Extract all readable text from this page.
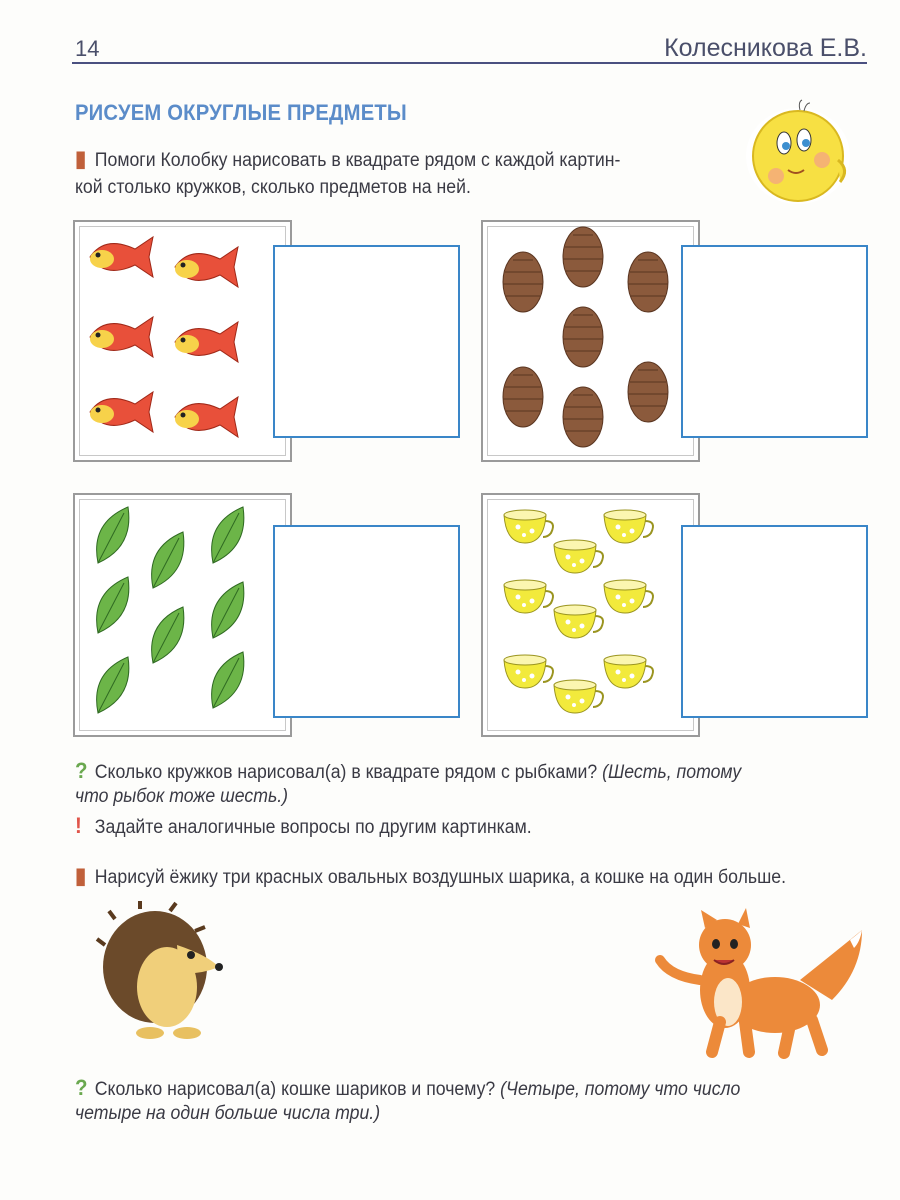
14	Колесникова Е.В.
РИСУЕМ ОКРУГЛЫЕ ПРЕДМЕТЫ
▮ Помоги Колобку нарисовать в квадрате рядом с каждой картин-
кой столько кружков, сколько предметов на ней.
? Сколько кружков нарисовал(а) в квадрате рядом с рыбками? (Шесть, потому
что рыбок тоже шесть.)
! Задайте аналогичные вопросы по другим картинкам.
▮ Нарисуй ёжику три красных овальных воздушных шарика, а кошке на один больше.
? Сколько нарисовал(а) кошке шариков и почему? (Четыре, потому что число
четыре на один больше числа три.)
